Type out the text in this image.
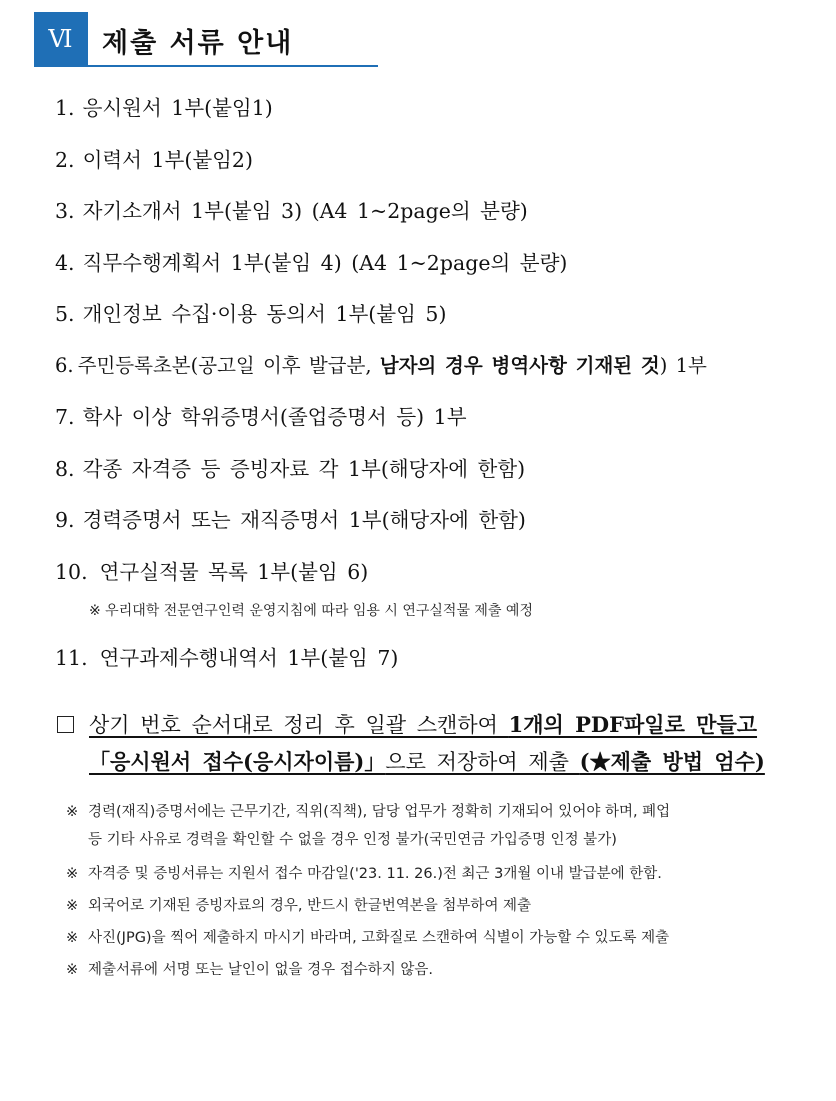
Ⅵ	제출 서류 안내
1. 응시원서 1부(붙임1)
2. 이력서 1부(붙임2)
3. 자기소개서 1부(붙임 3) (A4 1~2page의 분량)
4. 직무수행계획서 1부(붙임 4) (A4 1~2page의 분량)
5. 개인정보 수집·이용 동의서 1부(붙임 5)
6. 주민등록초본(공고일 이후 발급분, 남자의 경우 병역사항 기재된 것) 1부
7. 학사 이상 학위증명서(졸업증명서 등) 1부
8. 각종 자격증 등 증빙자료 각 1부(해당자에 한함)
9. 경력증명서 또는 재직증명서 1부(해당자에 한함)
10. 연구실적물 목록 1부(붙임 6)
※ 우리대학 전문연구인력 운영지침에 따라 임용 시 연구실적물 제출 예정
11. 연구과제수행내역서 1부(붙임 7)
상기 번호 순서대로 정리 후 일괄 스캔하여 1개의 PDF파일로 만들고
「응시원서 접수(응시자이름)」으로 저장하여 제출 (★제출 방법 엄수)
※ 경력(재직)증명서에는 근무기간, 직위(직책), 담당 업무가 정확히 기재되어 있어야 하며, 폐업
등 기타 사유로 경력을 확인할 수 없을 경우 인정 불가(국민연금 가입증명 인정 불가)
※ 자격증 및 증빙서류는 지원서 접수 마감일('23. 11. 26.)전 최근 3개월 이내 발급분에 한함.
※ 외국어로 기재된 증빙자료의 경우, 반드시 한글번역본을 첨부하여 제출
※ 사진(JPG)을 찍어 제출하지 마시기 바라며, 고화질로 스캔하여 식별이 가능할 수 있도록 제출
※ 제출서류에 서명 또는 날인이 없을 경우 접수하지 않음.
